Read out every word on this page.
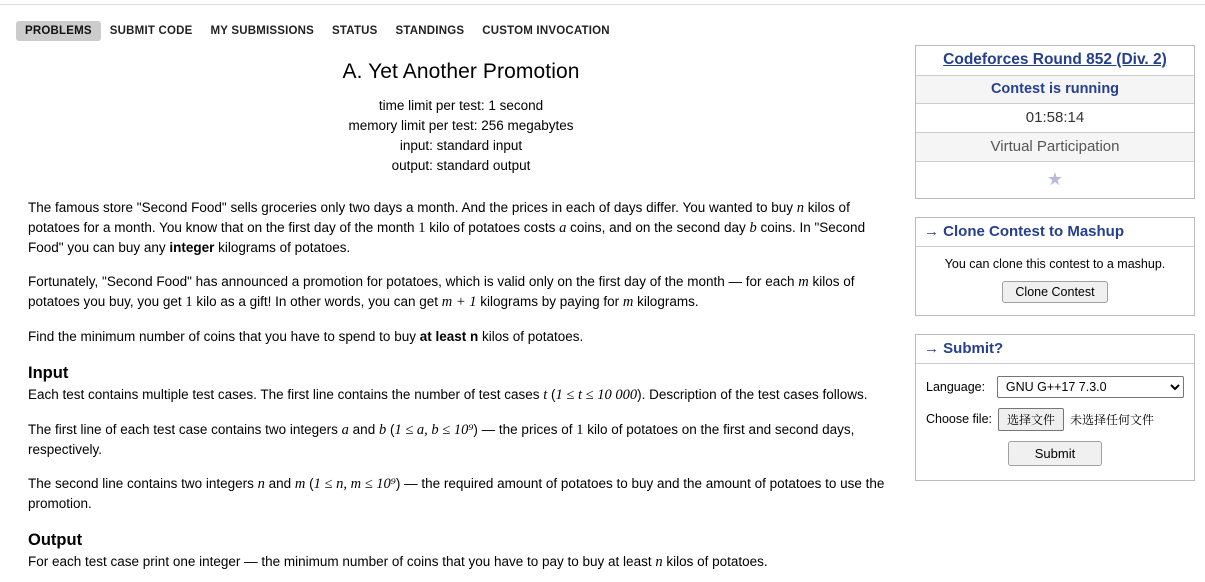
PROBLEMS	SUBMIT CODE	MY SUBMISSIONS	STATUS	STANDINGS	CUSTOM INVOCATION
A. Yet Another Promotion
time limit per test: 1 second
memory limit per test: 256 megabytes
input: standard input
output: standard output

The famous store "Second Food" sells groceries only two days a month. And the prices in each of days differ. You wanted to buy n kilos of potatoes for a month. You know that on the first day of the month 1 kilo of potatoes costs a coins, and on the second day b coins. In "Second Food" you can buy any integer kilograms of potatoes.

Fortunately, "Second Food" has announced a promotion for potatoes, which is valid only on the first day of the month — for each m kilos of potatoes you buy, you get 1 kilo as a gift! In other words, you can get m + 1 kilograms by paying for m kilograms.

Find the minimum number of coins that you have to spend to buy at least n kilos of potatoes.

Input

Each test contains multiple test cases. The first line contains the number of test cases t (1 ≤ t ≤ 10 000). Description of the test cases follows.

The first line of each test case contains two integers a and b (1 ≤ a, b ≤ 10⁹) — the prices of 1 kilo of potatoes on the first and second days, respectively.

The second line contains two integers n and m (1 ≤ n, m ≤ 10⁹) — the required amount of potatoes to buy and the amount of potatoes to use the promotion.

Output

For each test case print one integer — the minimum number of coins that you have to pay to buy at least n kilos of potatoes.

Codeforces Round 852 (Div. 2)
Contest is running
01:58:14
Virtual Participation
★
→ Clone Contest to Mashup

You can clone this contest to a mashup.

Clone Contest
→ Submit?
Language:
GNU G++17 7.3.0
Choose file:	选择文件	未选择任何文件
Submit
